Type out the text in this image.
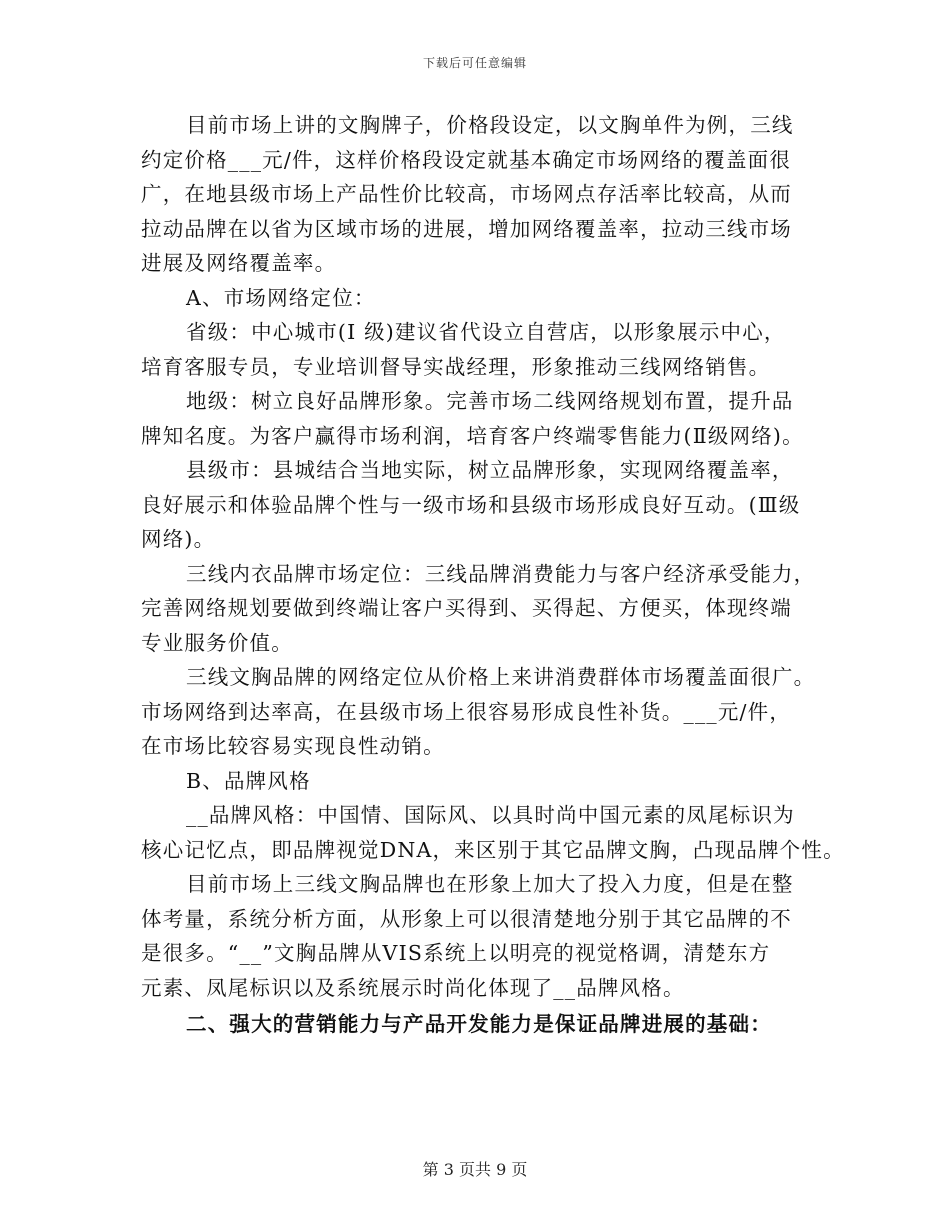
下载后可任意编辑

目前市场上讲的文胸牌子，价格段设定，以文胸单件为例，三线
约定价格___元/件，这样价格段设定就基本确定市场网络的覆盖面很
广，在地县级市场上产品性价比较高，市场网点存活率比较高，从而
拉动品牌在以省为区域市场的进展，增加网络覆盖率，拉动三线市场
进展及网络覆盖率。

A、市场网络定位：

省级：中心城市(Ⅰ 级)建议省代设立自营店，以形象展示中心，
培育客服专员，专业培训督导实战经理，形象推动三线网络销售。

地级：树立良好品牌形象。完善市场二线网络规划布置，提升品
牌知名度。为客户赢得市场利润，培育客户终端零售能力(Ⅱ级网络)。

县级市：县城结合当地实际，树立品牌形象，实现网络覆盖率，
良好展示和体验品牌个性与一级市场和县级市场形成良好互动。(Ⅲ级
网络)。

三线内衣品牌市场定位：三线品牌消费能力与客户经济承受能力，
完善网络规划要做到终端让客户买得到、买得起、方便买，体现终端
专业服务价值。

三线文胸品牌的网络定位从价格上来讲消费群体市场覆盖面很广。
市场网络到达率高，在县级市场上很容易形成良性补货。___元/件，
在市场比较容易实现良性动销。

B、品牌风格

__品牌风格：中国情、国际风、以具时尚中国元素的凤尾标识为
核心记忆点，即品牌视觉DNA，来区别于其它品牌文胸，凸现品牌个性。

目前市场上三线文胸品牌也在形象上加大了投入力度，但是在整
体考量，系统分析方面，从形象上可以很清楚地分别于其它品牌的不
是很多。“__”文胸品牌从VIS系统上以明亮的视觉格调，清楚东方
元素、凤尾标识以及系统展示时尚化体现了__品牌风格。

二、强大的营销能力与产品开发能力是保证品牌进展的基础：

第 3 页共 9 页
